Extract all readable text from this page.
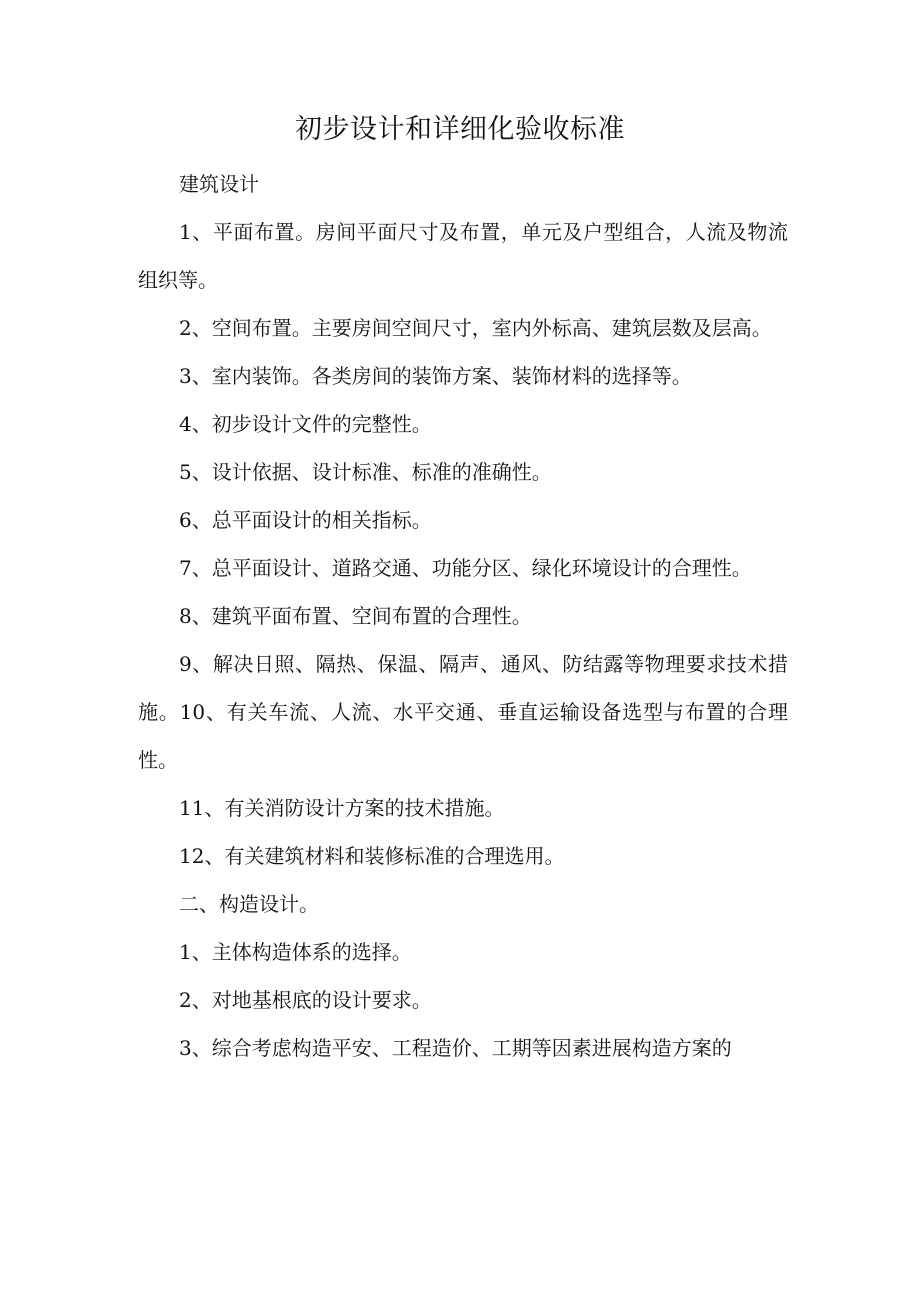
初步设计和详细化验收标准

建筑设计

1、平面布置。房间平面尺寸及布置，单元及户型组合，人流及物流组织等。

2、空间布置。主要房间空间尺寸，室内外标高、建筑层数及层高。

3、室内装饰。各类房间的装饰方案、装饰材料的选择等。

4、初步设计文件的完整性。

5、设计依据、设计标准、标准的准确性。

6、总平面设计的相关指标。

7、总平面设计、道路交通、功能分区、绿化环境设计的合理性。

8、建筑平面布置、空间布置的合理性。

9、解决日照、隔热、保温、隔声、通风、防结露等物理要求技术措施。10、有关车流、人流、水平交通、垂直运输设备选型与布置的合理性。

11、有关消防设计方案的技术措施。

12、有关建筑材料和装修标准的合理选用。

二、构造设计。

1、主体构造体系的选择。

2、对地基根底的设计要求。

3、综合考虑构造平安、工程造价、工期等因素进展构造方案的
